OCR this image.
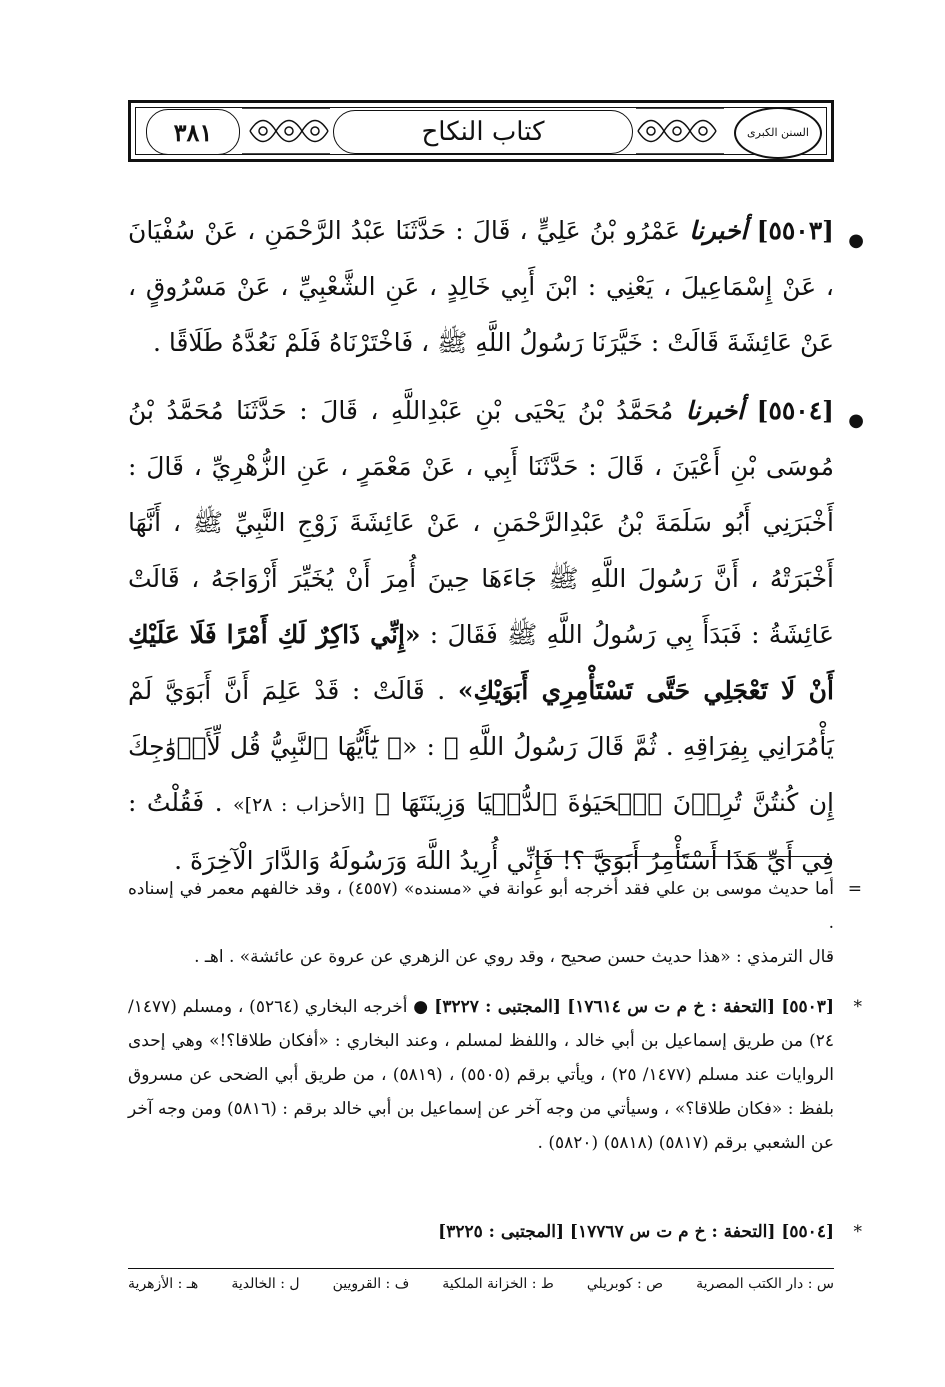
كتاب النكاح
٣٨١	السنن الكبرى
●
[٥٥٠٣] أخبرنا عَمْرُو بْنُ عَلِيٍّ ، قَالَ : حَدَّثَنَا عَبْدُ الرَّحْمَنِ ، عَنْ سُفْيَانَ ، عَنْ إِسْمَاعِيلَ ، يَعْنِي : ابْنَ أَبِي خَالِدٍ ، عَنِ الشَّعْبِيِّ ، عَنْ مَسْرُوقٍ ، عَنْ عَائِشَةَ قَالَتْ : خَيَّرَنَا رَسُولُ اللَّهِ ﷺ ، فَاخْتَرْنَاهُ فَلَمْ نَعُدَّهُ طَلَاقًا .
●
[٥٥٠٤] أخبرنا مُحَمَّدُ بْنُ يَحْيَى بْنِ عَبْدِاللَّهِ ، قَالَ : حَدَّثَنَا مُحَمَّدُ بْنُ مُوسَى بْنِ أَعْيَنَ ، قَالَ : حَدَّثَنَا أَبِي ، عَنْ مَعْمَرٍ ، عَنِ الزُّهْرِيِّ ، قَالَ : أَخْبَرَنِي أَبُو سَلَمَةَ بْنُ عَبْدِالرَّحْمَنِ ، عَنْ عَائِشَةَ زَوْجِ النَّبِيِّ ﷺ ، أَنَّهَا أَخْبَرَتْهُ ، أَنَّ رَسُولَ اللَّهِ ﷺ جَاءَهَا حِينَ أُمِرَ أَنْ يُخَيِّرَ أَزْوَاجَهُ ، قَالَتْ عَائِشَةُ : فَبَدَأَ بِي رَسُولُ اللَّهِ ﷺ فَقَالَ : «إِنِّي ذَاكِرٌ لَكِ أَمْرًا فَلَا عَلَيْكِ أَنْ لَا تَعْجَلِي حَتَّى تَسْتَأْمِرِي أَبَوَيْكِ» . قَالَتْ : قَدْ عَلِمَ أَنَّ أَبَوَيَّ لَمْ يَأْمُرَانِي بِفِرَاقِهِ . ثُمَّ قَالَ رَسُولُ اللَّهِ ﷺ : «﴿ يَٰٓأَيُّهَا ٱلنَّبِيُّ قُل لِّأَزۡوَٰجِكَ إِن كُنتُنَّ تُرِدۡنَ ٱلۡحَيَوٰةَ ٱلدُّنۡيَا وَزِينَتَهَا ﴾ [الأحزاب : ٢٨]» . فَقُلْتُ : فِي أَيِّ هَذَا أَسْتَأْمِرُ أَبَوَيَّ ؟! فَإِنِّي أُرِيدُ اللَّهَ وَرَسُولَهُ وَالدَّارَ الْآخِرَةَ .
=
أما حديث موسى بن علي فقد أخرجه أبو عوانة في «مسنده» (٤٥٥٧) ، وقد خالفهم معمر في إسناده .
قال الترمذي : «هذا حديث حسن صحيح ، وقد روي عن الزهري عن عروة عن عائشة» . اهـ .
*
[٥٥٠٣] [التحفة : خ م ت س ١٧٦١٤] [المجتبى : ٣٢٢٧] ● أخرجه البخاري (٥٢٦٤) ، ومسلم (١٤٧٧/ ٢٤) من طريق إسماعيل بن أبي خالد ، واللفظ لمسلم ، وعند البخاري : «أفكان طلاقا؟!» وهي إحدى الروايات عند مسلم (١٤٧٧/ ٢٥) ، ويأتي برقم (٥٥٠٥) ، (٥٨١٩) ، من طريق أبي الضحى عن مسروق بلفظ : «فكان طلاقا؟» ، وسيأتي من وجه آخر عن إسماعيل بن أبي خالد برقم : (٥٨١٦) ومن وجه آخر عن الشعبي برقم (٥٨١٧) (٥٨١٨) (٥٨٢٠) .
*
[٥٥٠٤] [التحفة : خ م ت س ١٧٧٦٧] [المجتبى : ٣٢٢٥]
س : دار الكتب المصرية
ص : كوبريلي
ط : الخزانة الملكية
ف : القرويين
ل : الخالدية
هـ : الأزهرية
